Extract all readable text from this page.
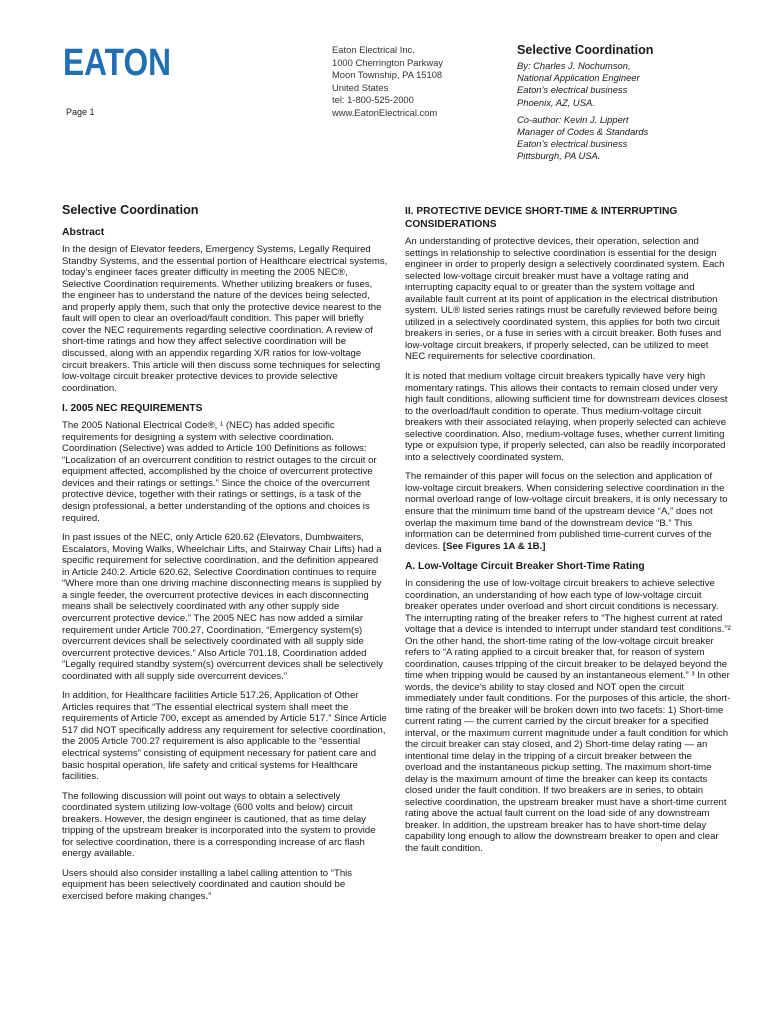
EATON
Page 1
Eaton Electrical Inc.
1000 Cherrington Parkway
Moon Township, PA 15108
United States
tel: 1-800-525-2000
www.EatonElectrical.com
Selective Coordination
By: Charles J. Nochumson,
National Application Engineer
Eaton’s electrical business
Phoenix, AZ, USA.
Co-author: Kevin J. Lippert
Manager of Codes & Standards
Eaton’s electrical business
Pittsburgh, PA USA.
Selective Coordination
Abstract

In the design of Elevator feeders, Emergency Systems, Legally Required Standby Systems, and the essential portion of Healthcare electrical systems, today’s engineer faces greater difficulty in meeting the 2005 NEC®, Selective Coordination requirements. Whether utilizing breakers or fuses, the engineer has to understand the nature of the devices being selected, and properly apply them, such that only the protective device nearest to the fault will open to clear an overload/fault condition. This paper will briefly cover the NEC requirements regarding selective coordination. A review of short-time ratings and how they affect selective coordination will be discussed, along with an appendix regarding X/R ratios for low-voltage circuit breakers. This article will then discuss some techniques for selecting low-voltage circuit breaker protective devices to provide selective coordination.

I. 2005 NEC REQUIREMENTS

The 2005 National Electrical Code®, ¹ (NEC) has added specific requirements for designing a system with selective coordination. Coordination (Selective) was added to Article 100 Definitions as follows: “Localization of an overcurrent condition to restrict outages to the circuit or equipment affected, accomplished by the choice of overcurrent protective devices and their ratings or settings.” Since the choice of the overcurrent protective device, together with their ratings or settings, is a task of the design professional, a better understanding of the options and choices is required.

In past issues of the NEC, only Article 620.62 (Elevators, Dumbwaiters, Escalators, Moving Walks, Wheelchair Lifts, and Stairway Chair Lifts) had a specific requirement for selective coordination, and the definition appeared in Article 240.2. Article 620.62, Selective Coordination continues to require “Where more than one driving machine disconnecting means is supplied by a single feeder, the overcurrent protective devices in each disconnecting means shall be selectively coordinated with any other supply side overcurrent protective device.” The 2005 NEC has now added a similar requirement under Article 700.27, Coordination, “Emergency system(s) overcurrent devices shall be selectively coordinated with all supply side overcurrent protective devices.” Also Article 701.18, Coordination added “Legally required standby system(s) overcurrent devices shall be selectively coordinated with all supply side overcurrent devices.”

In addition, for Healthcare facilities Article 517.26, Application of Other Articles requires that “The essential electrical system shall meet the requirements of Article 700, except as amended by Article 517.” Since Article 517 did NOT specifically address any requirement for selective coordination, the 2005 Article 700.27 requirement is also applicable to the “essential electrical systems” consisting of equipment necessary for patient care and basic hospital operation, life safety and critical systems for Healthcare facilities.

The following discussion will point out ways to obtain a selectively coordinated system utilizing low-voltage (600 volts and below) circuit breakers. However, the design engineer is cautioned, that as time delay tripping of the upstream breaker is incorporated into the system to provide for selective coordination, there is a corresponding increase of arc flash energy available.

Users should also consider installing a label calling attention to “This equipment has been selectively coordinated and caution should be exercised before making changes.”

II. PROTECTIVE DEVICE SHORT-TIME & INTERRUPTING CONSIDERATIONS

An understanding of protective devices, their operation, selection and settings in relationship to selective coordination is essential for the design engineer in order to properly design a selectively coordinated system. Each selected low-voltage circuit breaker must have a voltage rating and interrupting capacity equal to or greater than the system voltage and available fault current at its point of application in the electrical distribution system. UL® listed series ratings must be carefully reviewed before being utilized in a selectively coordinated system, this applies for both two circuit breakers in series, or a fuse in series with a circuit breaker. Both fuses and low-voltage circuit breakers, if properly selected, can be utilized to meet NEC requirements for selective coordination.

It is noted that medium voltage circuit breakers typically have very high momentary ratings. This allows their contacts to remain closed under very high fault conditions, allowing sufficient time for downstream devices closest to the overload/fault condition to operate. Thus medium-voltage circuit breakers with their associated relaying, when properly selected can achieve selective coordination. Also, medium-voltage fuses, whether current limiting type or expulsion type, if properly selected, can also be readily incorporated into a selectively coordinated system.

The remainder of this paper will focus on the selection and application of low-voltage circuit breakers. When considering selective coordination in the normal overload range of low-voltage circuit breakers, it is only necessary to ensure that the minimum time band of the upstream device “A,” does not overlap the maximum time band of the downstream device “B.” This information can be determined from published time-current curves of the devices. [See Figures 1A & 1B.]

A. Low-Voltage Circuit Breaker Short-Time Rating

In considering the use of low-voltage circuit breakers to achieve selective coordination, an understanding of how each type of low-voltage circuit breaker operates under overload and short circuit conditions is necessary. The interrupting rating of the breaker refers to “The highest current at rated voltage that a device is intended to interrupt under standard test conditions.”² On the other hand, the short-time rating of the low-voltage circuit breaker refers to “A rating applied to a circuit breaker that, for reason of system coordination, causes tripping of the circuit breaker to be delayed beyond the time when tripping would be caused by an instantaneous element.” ³ In other words, the device’s ability to stay closed and NOT open the circuit immediately under fault conditions. For the purposes of this article, the short-time rating of the breaker will be broken down into two facets: 1) Short-time current rating — the current carried by the circuit breaker for a specified interval, or the maximum current magnitude under a fault condition for which the circuit breaker can stay closed, and 2) Short-time delay rating — an intentional time delay in the tripping of a circuit breaker between the overload and the instantaneous pickup setting. The maximum short-time delay is the maximum amount of time the breaker can keep its contacts closed under the fault condition. If two breakers are in series, to obtain selective coordination, the upstream breaker must have a short-time current rating above the actual fault current on the load side of any downstream breaker. In addition, the upstream breaker has to have short-time delay capability long enough to allow the downstream breaker to open and clear the fault condition.
